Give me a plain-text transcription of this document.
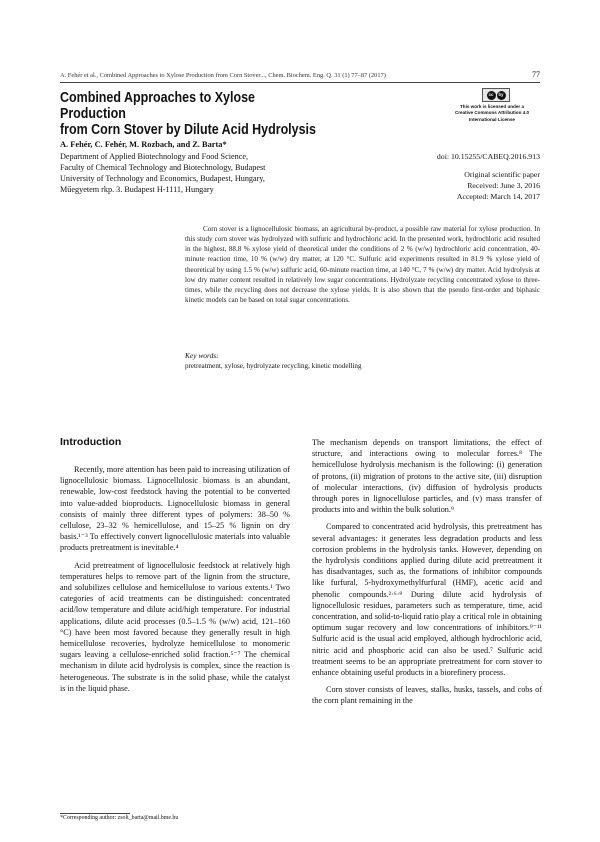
A. Fehér et al., Combined Approaches to Xylose Production from Corn Stover..., Chem. Biochem. Eng. Q. 31 (1) 77–87 (2017)	77
Combined Approaches to Xylose Production
from Corn Stover by Dilute Acid Hydrolysis
cc	by
This work is licensed under a
Creative Commons Attribution 4.0
International License
A. Fehér, C. Fehér, M. Rozbach, and Z. Barta*
Department of Applied Biotechnology and Food Science,
Faculty of Chemical Technology and Biotechnology, Budapest
University of Technology and Economics, Budapest, Hungary,
Műegyetem rkp. 3. Budapest H-1111, Hungary
doi: 10.15255/CABEQ.2016.913
Original scientific paper
Received: June 3, 2016
Accepted: March 14, 2017
Corn stover is a lignocellulosic biomass, an agricultural by-product, a possible raw material for xylose production. In this study corn stover was hydrolyzed with sulfuric and hydrochloric acid. In the presented work, hydrochloric acid resulted in the highest, 88.8 % xylose yield of theoretical under the conditions of 2 % (w/w) hydrochloric acid concentration, 40-minute reaction time, 10 % (w/w) dry matter, at 120 °C. Sulfuric acid experiments resulted in 81.9 % xylose yield of theoretical by using 1.5 % (w/w) sulfuric acid, 60-minute reaction time, at 140 °C, 7 % (w/w) dry matter. Acid hydrolysis at low dry matter content resulted in relatively low sugar concentrations. Hydrolyzate recycling concentrated xylose to three-times, while the recycling does not decrease the xylose yields. It is also shown that the pseudo first-order and biphasic kinetic models can be based on total sugar concentrations.
Key words:
pretreatment, xylose, hydrolyzate recycling, kinetic modelling
Introduction

Recently, more attention has been paid to increasing utilization of lignocellulosic biomass. Lignocellulosic biomass is an abundant, renewable, low-cost feedstock having the potential to be converted into value-added bioproducts. Lignocellulosic biomass in general consists of mainly three different types of polymers: 38–50 % cellulose, 23–32 % hemicellulose, and 15–25 % lignin on dry basis.¹⁻³ To effectively convert lignocellulosic materials into valuable products pretreatment is inevitable.⁴

Acid pretreatment of lignocellulosic feedstock at relatively high temperatures helps to remove part of the lignin from the structure, and solubilizes cellulose and hemicellulose to various extents.¹ Two categories of acid treatments can be distinguished: concentrated acid/low temperature and dilute acid/high temperature. For industrial applications, dilute acid processes (0.5–1.5 % (w/w) acid, 121–160 °C) have been most favored because they generally result in high hemicellulose recoveries, hydrolyze hemicellulose to monomeric sugars leaving a cellulose-enriched solid fraction.⁵⁻⁷ The chemical mechanism in dilute acid hydrolysis is complex, since the reaction is heterogeneous. The substrate is in the solid phase, while the catalyst is in the liquid phase.

The mechanism depends on transport limitations, the effect of structure, and interactions owing to molecular forces.⁸ The hemicellulose hydrolysis mechanism is the following: (i) generation of protons, (ii) migration of protons to the active site, (iii) disruption of molecular interactions, (iv) diffusion of hydrolysis products through pores in lignocellulose particles, and (v) mass transfer of products into and within the bulk solution.⁹

Compared to concentrated acid hydrolysis, this pretreatment has several advantages: it generates less degradation products and less corrosion problems in the hydrolysis tanks. However, depending on the hydrolysis conditions applied during dilute acid pretreatment it has disadvantages, such as, the formations of inhibitor compounds like furfural, 5-hydroxymethylfurfural (HMF), acetic acid and phenolic compounds.²·⁶·⁹ During dilute acid hydrolysis of lignocellulosic residues, parameters such as temperature, time, acid concentration, and solid-to-liquid ratio play a critical role in obtaining optimum sugar recovery and low concentrations of inhibitors.⁹⁻¹¹ Sulfuric acid is the usual acid employed, although hydrochloric acid, nitric acid and phosphoric acid can also be used.⁷ Sulfuric acid treatment seems to be an appropriate pretreatment for corn stover to enhance obtaining useful products in a biorefinery process.

Corn stover consists of leaves, stalks, husks, tassels, and cobs of the corn plant remaining in the

*Corresponding author: zsolt_barta@mail.bme.hu
